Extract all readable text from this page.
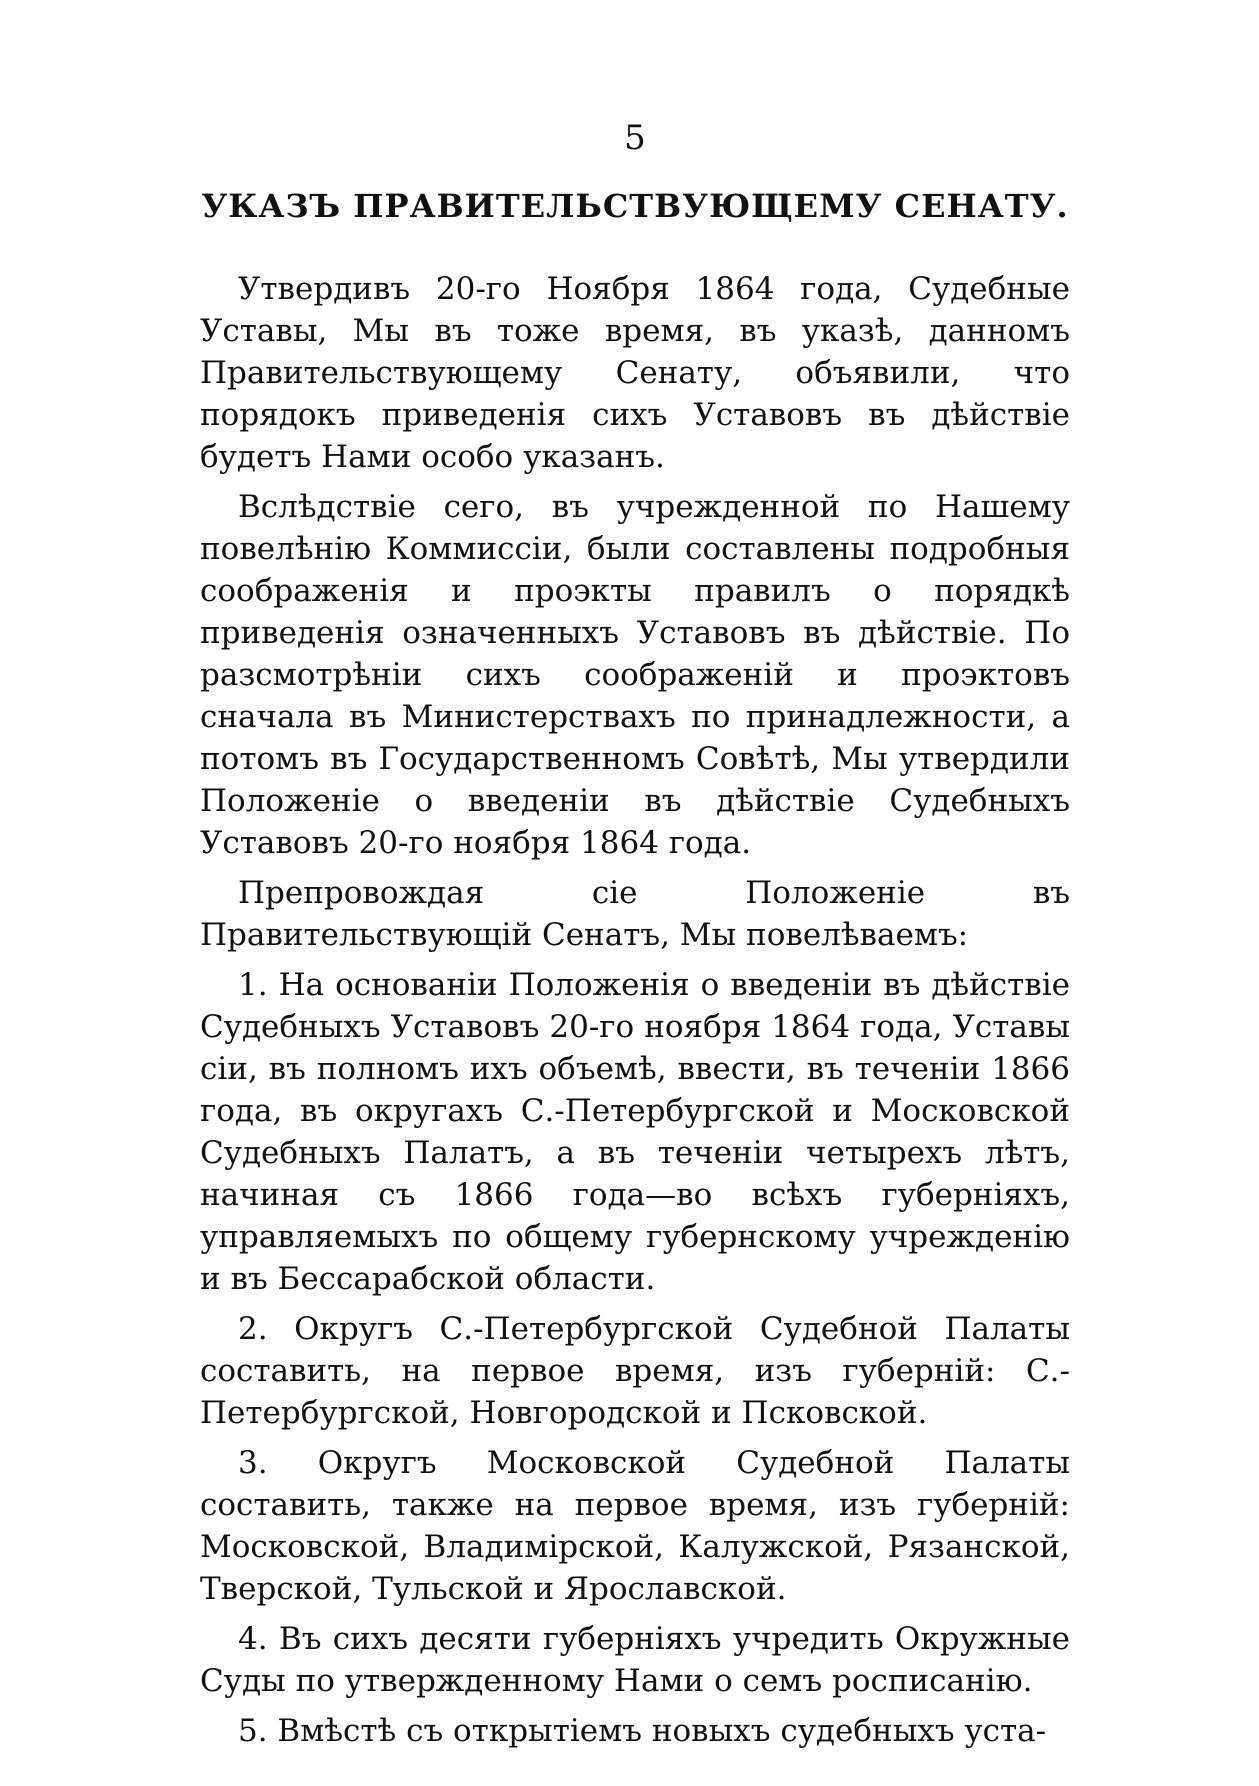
5
УКАЗЪ ПРАВИТЕЛЬСТВУЮЩЕМУ СЕНАТУ.

Утвердивъ 20-го Ноября 1864 года, Судебные Уставы, Мы въ тоже время, въ указѣ, данномъ Правительствующему Сенату, объявили, что порядокъ приведенія сихъ Уставовъ въ дѣйствіе будетъ Нами особо указанъ.

Вслѣдствіе сего, въ учрежденной по Нашему повелѣнію Коммиссіи, были составлены подробныя соображенія и проэкты правилъ о порядкѣ приведенія означенныхъ Уставовъ въ дѣйствіе. По разсмотрѣніи сихъ соображеній и проэктовъ сначала въ Министерствахъ по принадлежности, а потомъ въ Государственномъ Совѣтѣ, Мы утвердили Положеніе о введеніи въ дѣйствіе Судебныхъ Уставовъ 20-го ноября 1864 года.

Препровождая сіе Положеніе въ Правительствующій Сенатъ, Мы повелѣваемъ:

1. На основаніи Положенія о введеніи въ дѣйствіе Судебныхъ Уставовъ 20-го ноября 1864 года, Уставы сіи, въ полномъ ихъ объемѣ, ввести, въ теченіи 1866 года, въ округахъ С.-Петербургской и Московской Судебныхъ Палатъ, а въ теченіи четырехъ лѣтъ, начиная съ 1866 года—во всѣхъ губерніяхъ, управляемыхъ по общему губернскому учрежденію и въ Бессарабской области.

2. Округъ С.-Петербургской Судебной Палаты составить, на первое время, изъ губерній: С.-Петербургской, Новгородской и Псковской.

3. Округъ Московской Судебной Палаты составить, также на первое время, изъ губерній: Московской, Владимірской, Калужской, Рязанской, Тверской, Тульской и Ярославской.

4. Въ сихъ десяти губерніяхъ учредить Окружные Суды по утвержденному Нами о семъ росписанію.

5. Вмѣстѣ съ открытіемъ новыхъ судебныхъ уста-
